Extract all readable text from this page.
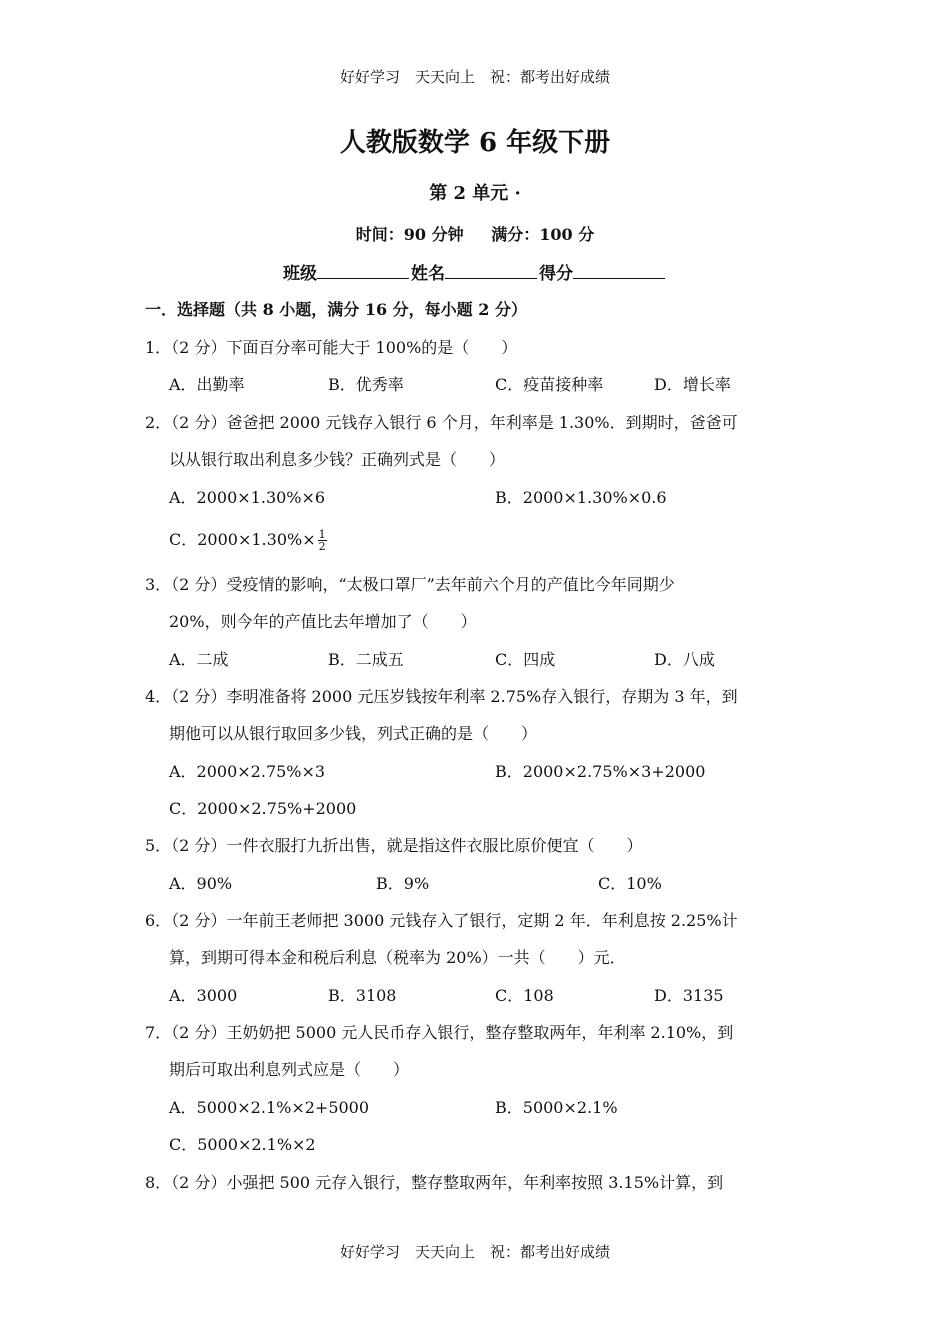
好好学习　天天向上　祝：都考出好成绩
人教版数学 6 年级下册
第 2 单元 ·
时间：90 分钟 满分：100 分
班级	姓名	得分
一．选择题（共 8 小题，满分 16 分，每小题 2 分）
1．（2 分）下面百分率可能大于 100%的是（　　）
A．出勤率	B．优秀率	C．疫苗接种率	D．增长率
2．（2 分）爸爸把 2000 元钱存入银行 6 个月，年利率是 1.30%．到期时，爸爸可
以从银行取出利息多少钱？正确列式是（　　）
A．2000×1.30%×6	B．2000×1.30%×0.6
C．$2000\times 1.30\%\times \frac{1}{2}$
3．（2 分）受疫情的影响，“太极口罩厂”去年前六个月的产值比今年同期少
20%，则今年的产值比去年增加了（　　）
A．二成	B．二成五	C．四成	D．八成
4．（2 分）李明准备将 2000 元压岁钱按年利率 2.75%存入银行，存期为 3 年，到
期他可以从银行取回多少钱，列式正确的是（　　）
A．2000×2.75%×3	B．2000×2.75%×3+2000
C．2000×2.75%+2000
5．（2 分）一件衣服打九折出售，就是指这件衣服比原价便宜（　　）
A．90%	B．9%	C．10%
6．（2 分）一年前王老师把 3000 元钱存入了银行，定期 2 年．年利息按 2.25%计
算，到期可得本金和税后利息（税率为 20%）一共（　　）元．
A．3000	B．3108	C．108	D．3135
7．（2 分）王奶奶把 5000 元人民币存入银行，整存整取两年，年利率 2.10%，到
期后可取出利息列式应是（　　）
A．5000×2.1%×2+5000	B．5000×2.1%
C．5000×2.1%×2
8．（2 分）小强把 500 元存入银行，整存整取两年，年利率按照 3.15%计算，到
好好学习　天天向上　祝：都考出好成绩
